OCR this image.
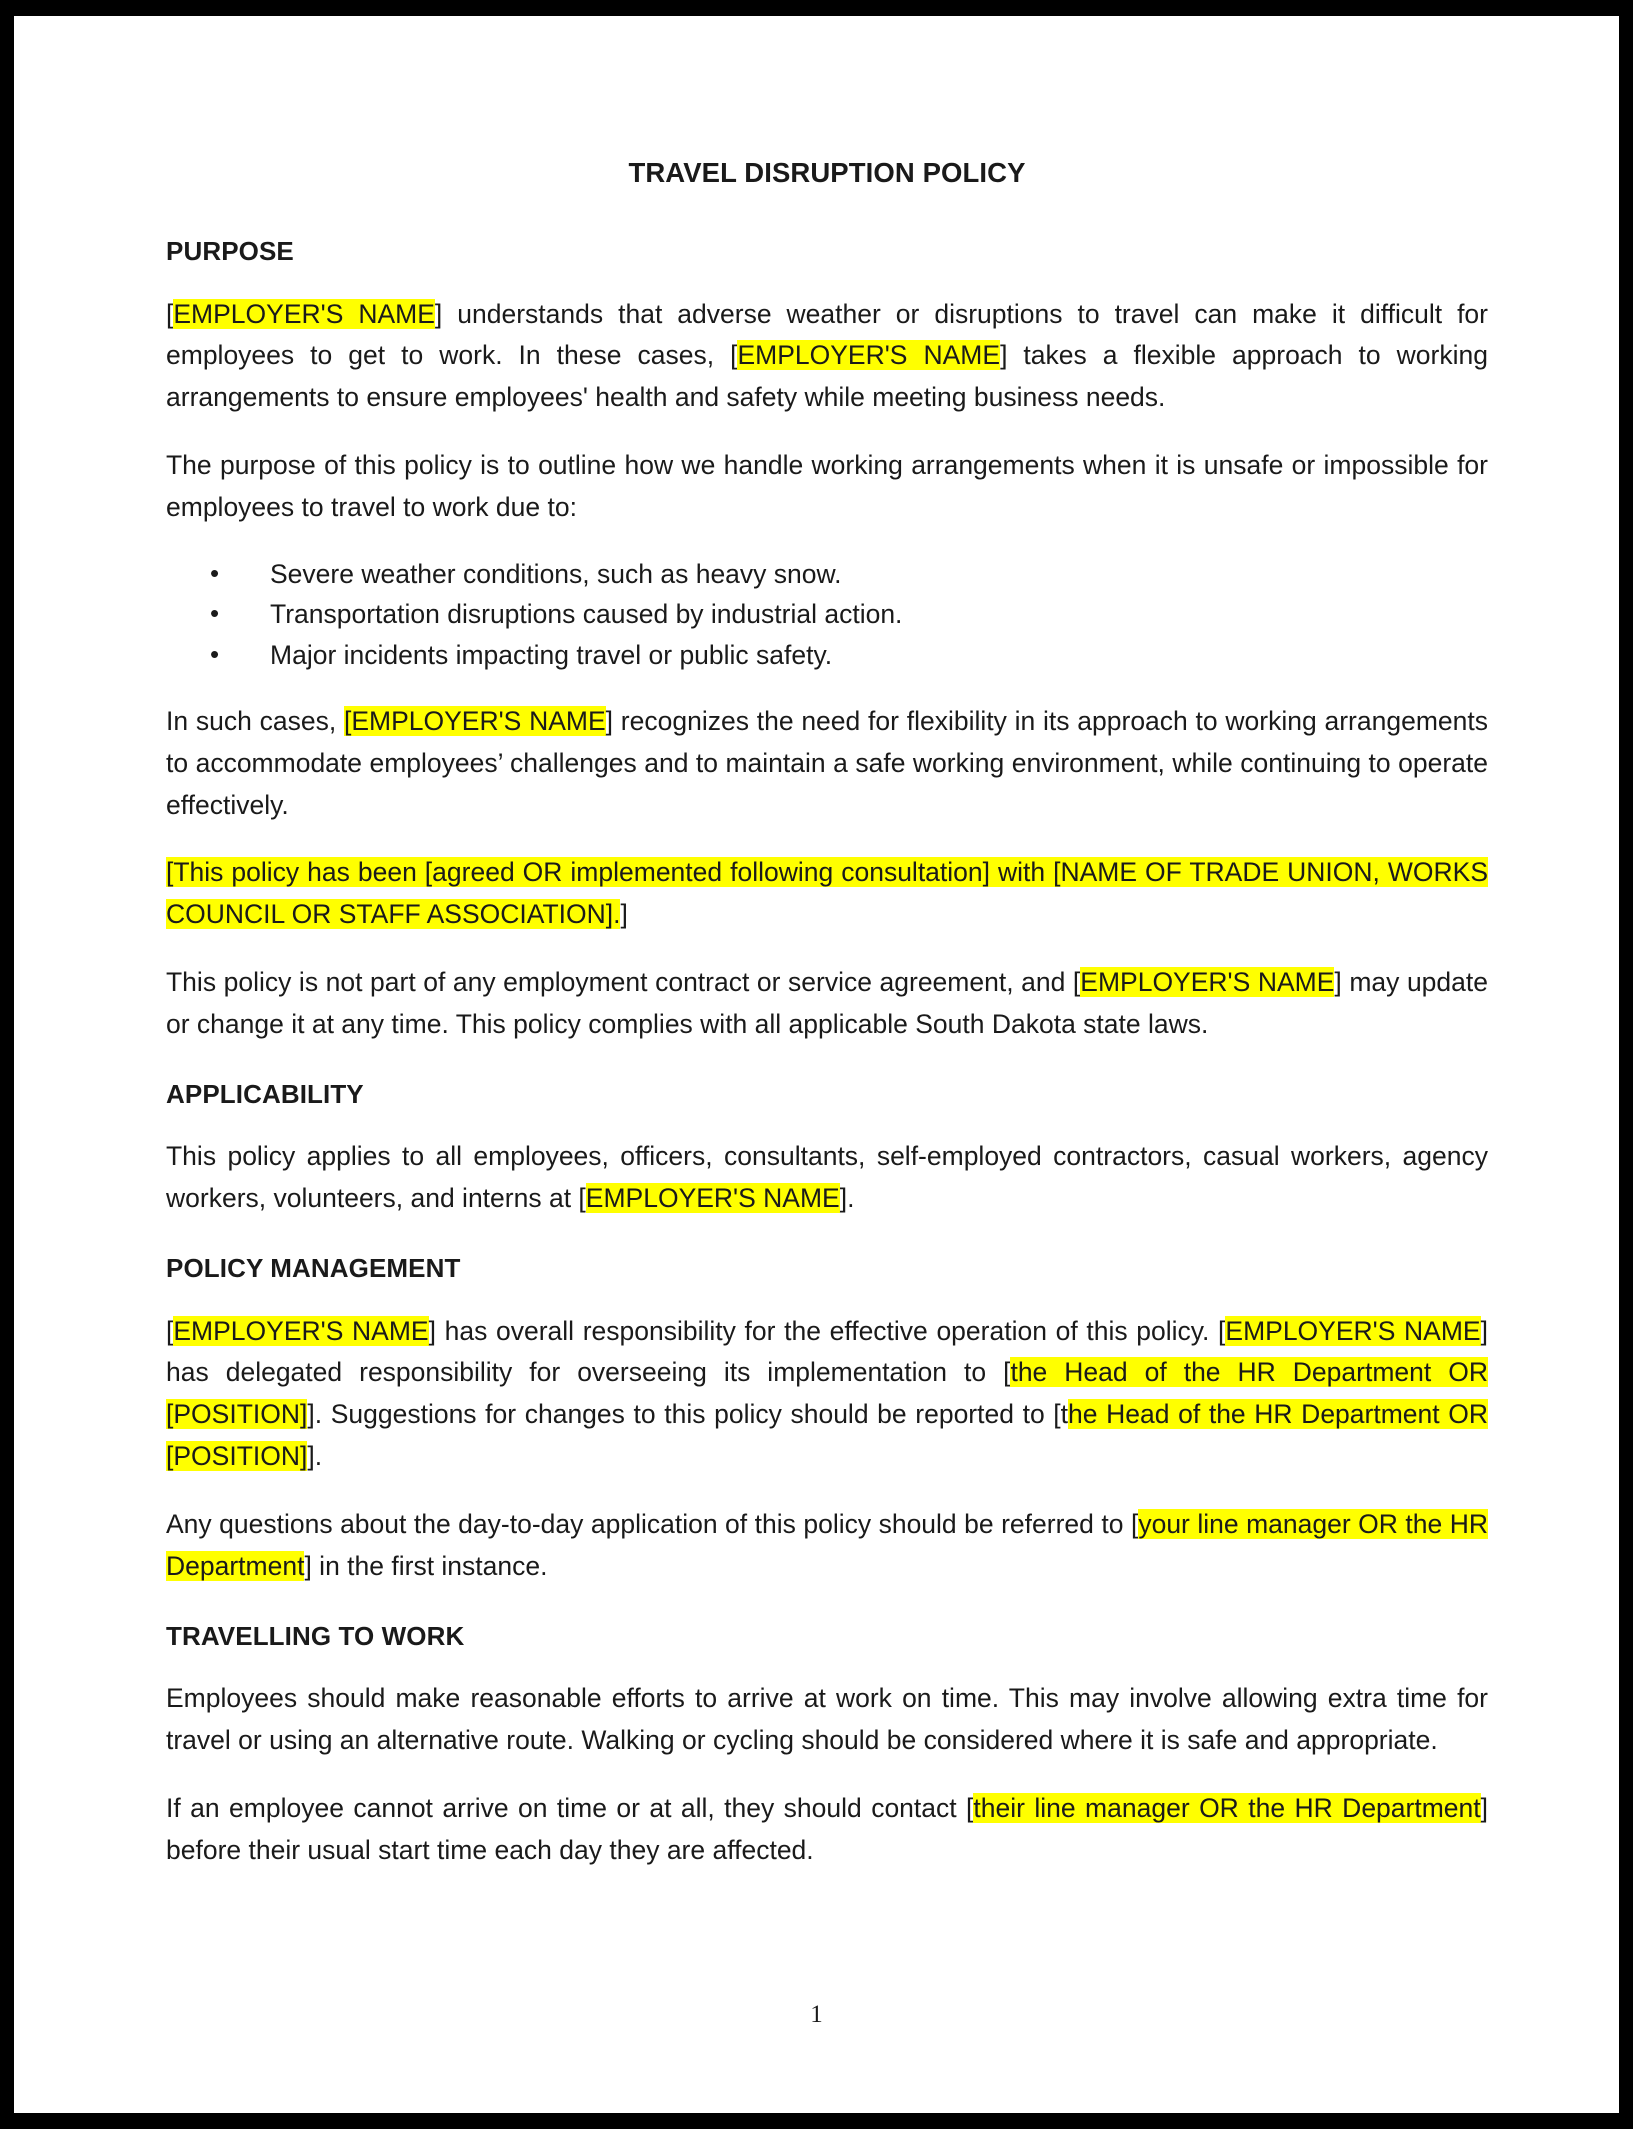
TRAVEL DISRUPTION POLICY
PURPOSE

[EMPLOYER'S NAME] understands that adverse weather or disruptions to travel can make it difficult for employees to get to work. In these cases, [EMPLOYER'S NAME] takes a flexible approach to working arrangements to ensure employees' health and safety while meeting business needs.

The purpose of this policy is to outline how we handle working arrangements when it is unsafe or impossible for employees to travel to work due to:

• Severe weather conditions, such as heavy snow.
• Transportation disruptions caused by industrial action.
• Major incidents impacting travel or public safety.

In such cases, [EMPLOYER'S NAME] recognizes the need for flexibility in its approach to working arrangements to accommodate employees’ challenges and to maintain a safe working environment, while continuing to operate effectively.

[This policy has been [agreed OR implemented following consultation] with [NAME OF TRADE UNION, WORKS COUNCIL OR STAFF ASSOCIATION].]

This policy is not part of any employment contract or service agreement, and [EMPLOYER'S NAME] may update or change it at any time. This policy complies with all applicable South Dakota state laws.

APPLICABILITY

This policy applies to all employees, officers, consultants, self-employed contractors, casual workers, agency workers, volunteers, and interns at [EMPLOYER'S NAME].

POLICY MANAGEMENT

[EMPLOYER'S NAME] has overall responsibility for the effective operation of this policy. [EMPLOYER'S NAME] has delegated responsibility for overseeing its implementation to [the Head of the HR Department OR [POSITION]]. Suggestions for changes to this policy should be reported to [the Head of the HR Department OR [POSITION]].

Any questions about the day-to-day application of this policy should be referred to [your line manager OR the HR Department] in the first instance.

TRAVELLING TO WORK

Employees should make reasonable efforts to arrive at work on time. This may involve allowing extra time for travel or using an alternative route. Walking or cycling should be considered where it is safe and appropriate.

If an employee cannot arrive on time or at all, they should contact [their line manager OR the HR Department] before their usual start time each day they are affected.

1
